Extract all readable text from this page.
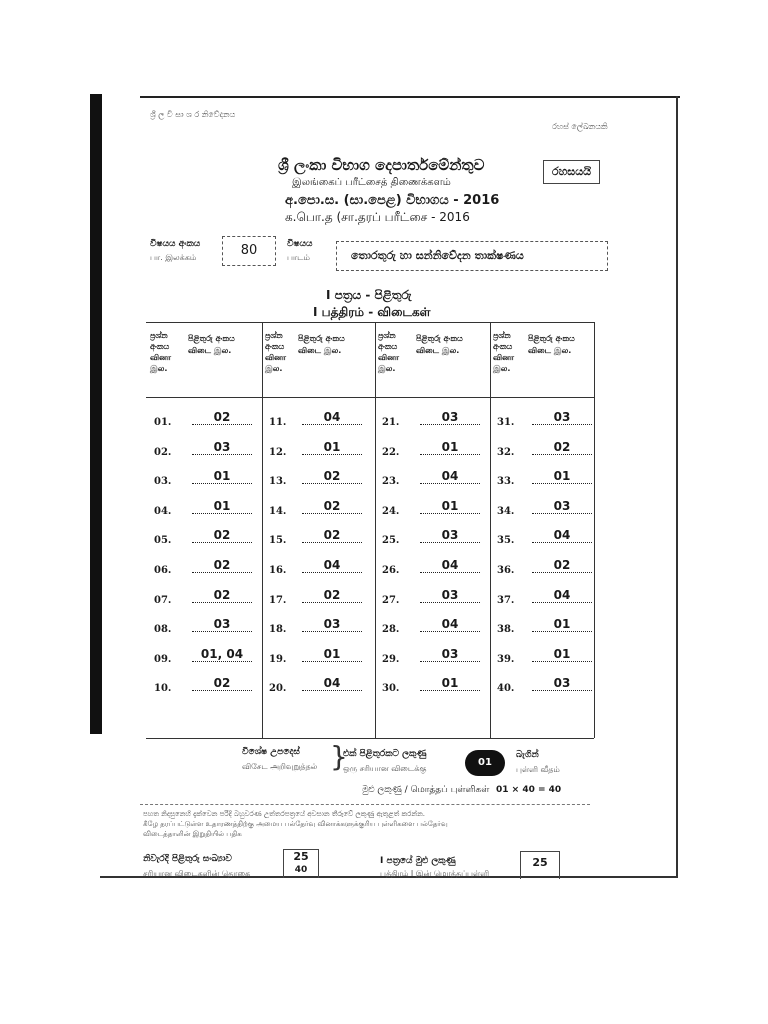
ශ්‍රී ල වි සා ශ ර නිවේදනය
රහස් ලේඛනයකි
ශ්‍රී ලංකා විභාග දෙපාර්තමේන්තුව
இலங்கைப் பரீட்சைத் திணைக்களம்
අ.පො.ස. (සා.පෙළ) විභාගය - 2016
க.பொ.த (சா.தரப் பரீட்சை - 2016
රහසයයි
විෂයය අංකය
பா. இலக்கம்	80	විෂයය
பாடம்	තොරතුරු හා සන්නිවේදන තාක්ෂණය
I පත්‍රය - පිළිතුරු
I பத்திரம் - விடைகள்
ප්‍රශ්න	ප්‍රශ්න	ප්‍රශ්න	ප්‍රශ්න
අංකය	අංකය	අංකය	අංකය
வினா	வினா	வினா	வினா
இல.	இல.	இல.	இல.
පිළිතුරු අංකය	පිළිතුරු අංකය	පිළිතුරු අංකය	පිළිතුරු අංකය
விடை இல.	விடை இல.	விடை இல.	விடை இல.
01.	02
02.	03
03.	01
04.	01
05.	02
06.	02
07.	02
08.	03
09.	01, 04
10.	02
11.	04
12.	01
13.	02
14.	02
15.	02
16.	04
17.	02
18.	03
19.	01
20.	04
21.	03
22.	01
23.	04
24.	01
25.	03
26.	04
27.	03
28.	04
29.	03
30.	01
31.	03
32.	02
33.	01
34.	03
35.	04
36.	02
37.	04
38.	01
39.	01
40.	03
විශේෂ උපදෙස්
விசேட அறிவுறுத்தல் }
එක් පිළිතුරකට ලකුණු
ஒரு சரியான விடைக்கு
01
බැගින්
புள்ளி வீதம்
මුළු ලකුණු / மொத்தப் புள்ளிகள் 01 × 40 = 40
පහත නිදසුනෙහි දැක්වෙන පරිදි බහුවරණ උත්තරපත්‍රයේ අවසාන තීරුවේ ලකුණු ඇතුළත් කරන්න.
கீழே தரப்பட்டுள்ள உதாரணத்திற்கு அமைய பல்தேர்வு வினாக்களுக்குரிய புள்ளிகளை பல்தேர்வு
விடைத்தாளின் இறுதியில் பதிக
නිවැරදි පිළිතුරු සංඛ්‍යාව
சரியான விடைகளின் தொகை
25
40
I පත්‍රයේ මුළු ලකුණු
பத்திரம் I இன் மொத்தப்புள்ளி
25
